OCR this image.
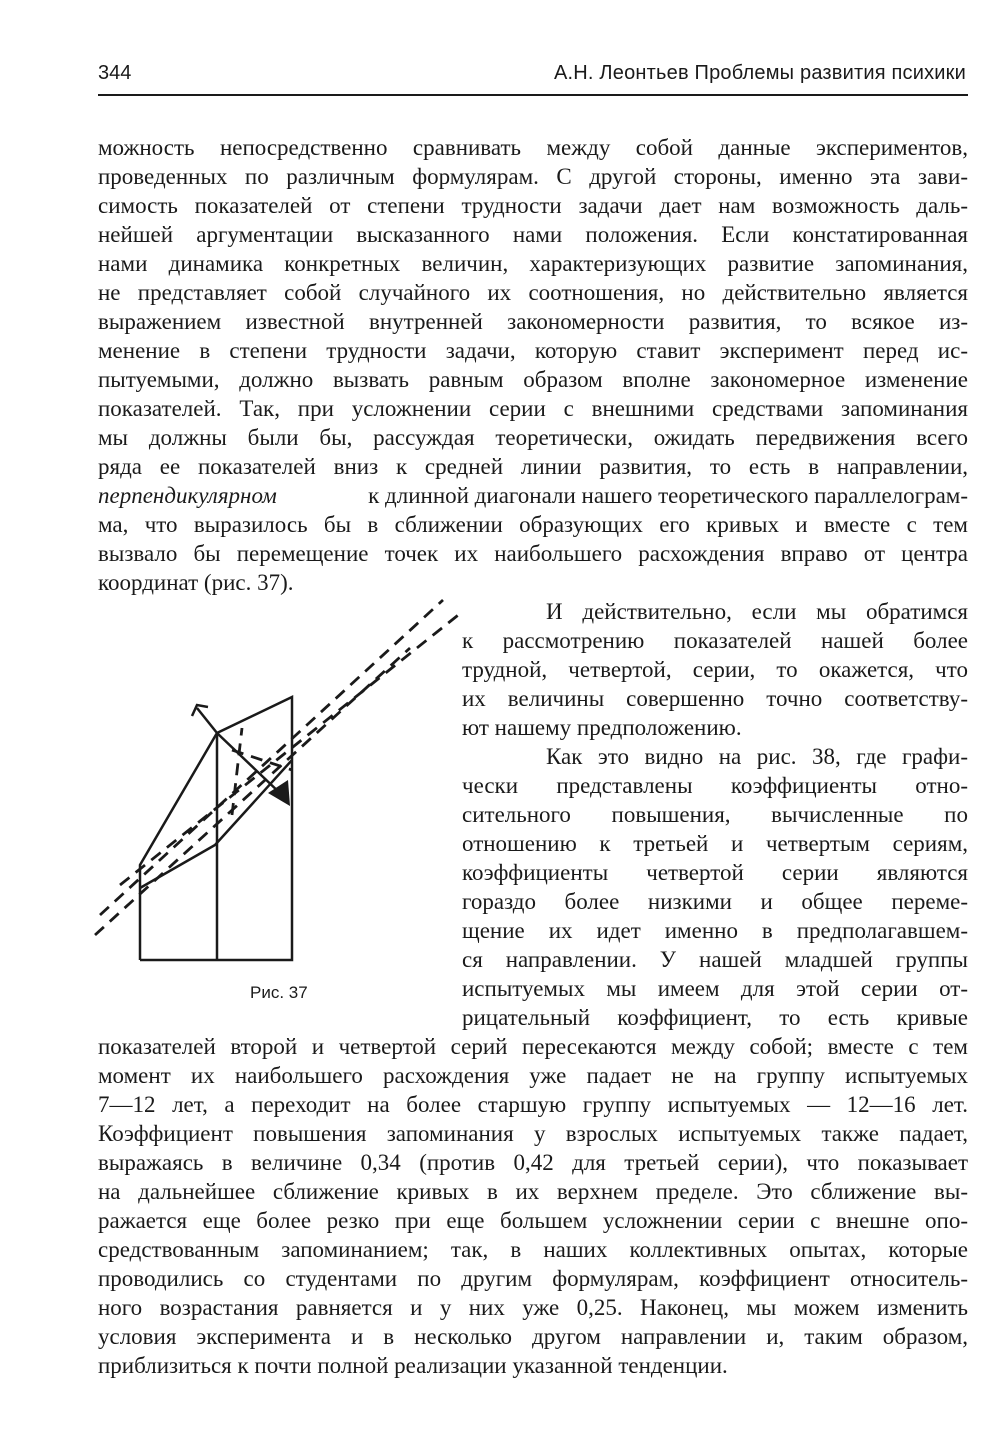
344	А.Н. Леонтьев Проблемы развития психики
можность непосредственно сравнивать между собой данные экспериментов,
проведенных по различным формулярам. С другой стороны, именно эта зави-
симость показателей от степени трудности задачи дает нам возможность даль-
нейшей аргументации высказанного нами положения. Если констатированная
нами динамика конкретных величин, характеризующих развитие запоминания,
не представляет собой случайного их соотношения, но действительно является
выражением известной внутренней закономерности развития, то всякое из-
менение в степени трудности задачи, которую ставит эксперимент перед ис-
пытуемыми, должно вызвать равным образом вполне закономерное изменение
показателей. Так, при усложнении серии с внешними средствами запоминания
мы должны были бы, рассуждая теоретически, ожидать передвижения всего
ряда ее показателей вниз к средней линии развития, то есть в направлении,
перпендикулярном	к длинной диагонали нашего теоретического параллелограм-
ма, что выразилось бы в сближении образующих его кривых и вместе с тем
вызвало бы перемещение точек их наибольшего расхождения вправо от центра
координат (рис. 37).
И действительно, если мы обратимся
к рассмотрению показателей нашей более
трудной, четвертой, серии, то окажется, что
их величины совершенно точно соответству-
ют нашему предположению.
Как это видно на рис. 38, где графи-
чески представлены коэффициенты отно-
сительного повышения, вычисленные по
отношению к третьей и четвертым сериям,
коэффициенты четвертой серии являются
гораздо более низкими и общее переме-
щение их идет именно в предполагавшем-
ся направлении. У нашей младшей группы
испытуемых мы имеем для этой серии от-
рицательный коэффициент, то есть кривые
показателей второй и четвертой серий пересекаются между собой; вместе с тем
момент их наибольшего расхождения уже падает не на группу испытуемых
7—12 лет, а переходит на более старшую группу испытуемых — 12—16 лет.
Коэффициент повышения запоминания у взрослых испытуемых также падает,
выражаясь в величине 0,34 (против 0,42 для третьей серии), что показывает
на дальнейшее сближение кривых в их верхнем пределе. Это сближение вы-
ражается еще более резко при еще большем усложнении серии с внешне опо-
средствованным запоминанием; так, в наших коллективных опытах, которые
проводились со студентами по другим формулярам, коэффициент относитель-
ного возрастания равняется и у них уже 0,25. Наконец, мы можем изменить
условия эксперимента и в несколько другом направлении и, таким образом,
приблизиться к почти полной реализации указанной тенденции.
Рис. 37
